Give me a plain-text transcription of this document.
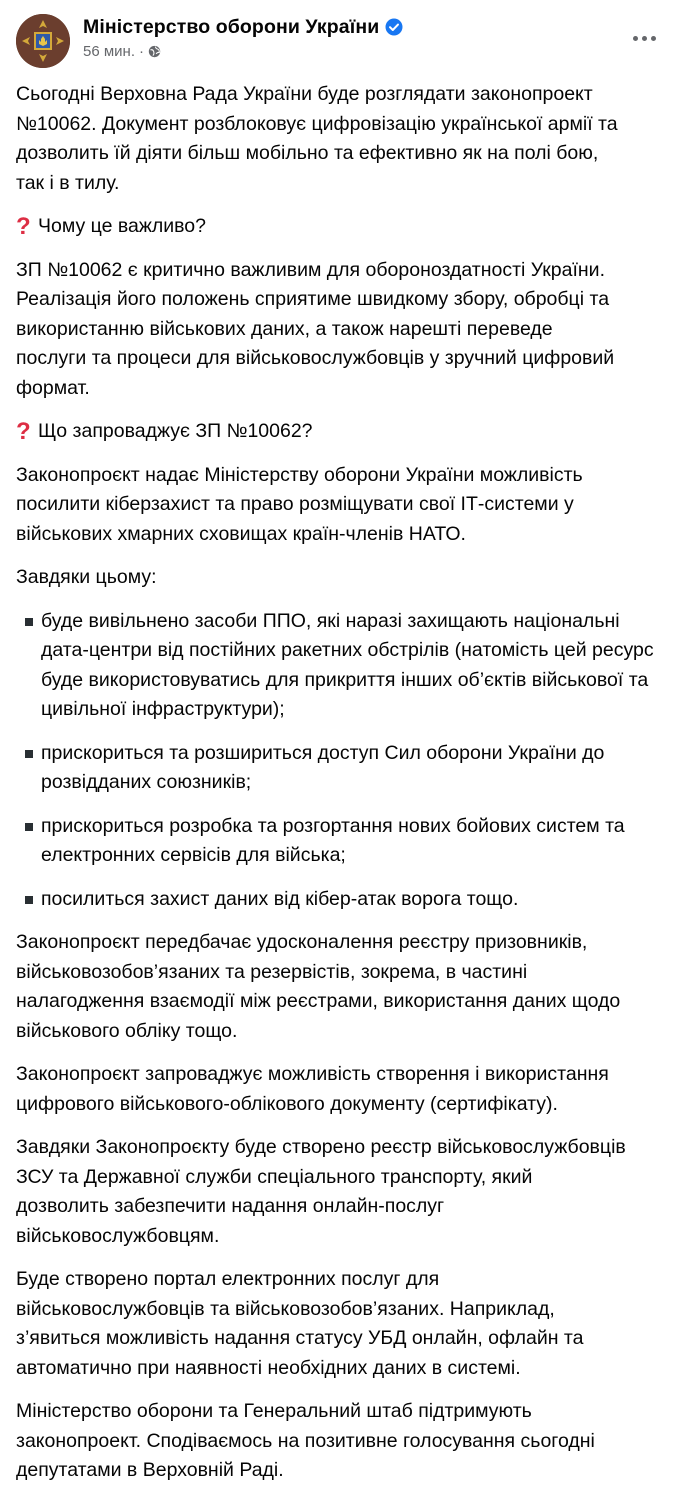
Міністерство оборони України
56 мин. ·
Сьогодні Верховна Рада України буде розглядати законопроект
№10062. Документ розблоковує цифровізацію української армії та
дозволить їй діяти більш мобільно та ефективно як на полі бою,
так і в тилу.
? Чому це важливо?
ЗП №10062 є критично важливим для обороноздатності України.
Реалізація його положень сприятиме швидкому збору, обробці та
використанню військових даних, а також нарешті переведе
послуги та процеси для військовослужбовців у зручний цифровий
формат.
? Що запроваджує ЗП №10062?
Законопроєкт надає Міністерству оборони України можливість
посилити кіберзахист та право розміщувати свої ІТ-системи у
військових хмарних сховищах країн-членів НАТО.
Завдяки цьому:
буде вивільнено засоби ППО, які наразі захищають національні
дата-центри від постійних ракетних обстрілів (натомість цей ресурс
буде використовуватись для прикриття інших об’єктів військової та
цивільної інфраструктури);
прискориться та розшириться доступ Сил оборони України до
розвідданих союзників;
прискориться розробка та розгортання нових бойових систем та
електронних сервісів для війська;
посилиться захист даних від кібер-атак ворога тощо.
Законопроєкт передбачає удосконалення реєстру призовників,
військовозобов’язаних та резервістів, зокрема, в частині
налагодження взаємодії між реєстрами, використання даних щодо
військового обліку тощо.
Законопроєкт запроваджує можливість створення і використання
цифрового військового-облікового документу (сертифікату).
Завдяки Законопроєкту буде створено реєстр військовослужбовців
ЗСУ та Державної служби спеціального транспорту, який
дозволить забезпечити надання онлайн-послуг
військовослужбовцям.
Буде створено портал електронних послуг для
військовослужбовців та військовозобов’язаних. Наприклад,
з’явиться можливість надання статусу УБД онлайн, офлайн та
автоматично при наявності необхідних даних в системі.
Міністерство оборони та Генеральний штаб підтримують
законопроект. Сподіваємось на позитивне голосування сьогодні
депутатами в Верховній Раді.
